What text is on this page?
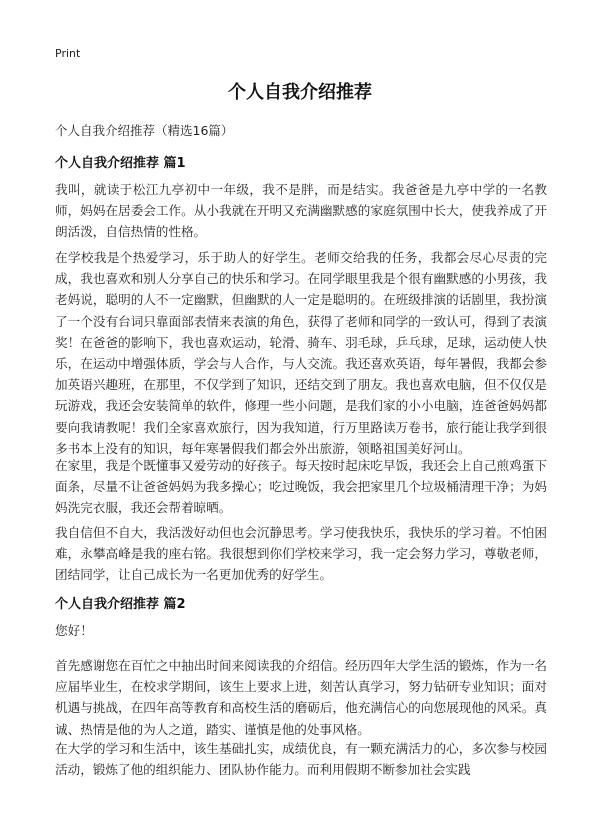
Print
个人自我介绍推荐
个人自我介绍推荐（精选16篇）
个人自我介绍推荐 篇1

我叫，就读于松江九亭初中一年级，我不是胖，而是结实。我爸爸是九亭中学的一名教师，妈妈在居委会工作。从小我就在开明又充满幽默感的家庭氛围中长大，使我养成了开朗活泼，自信热情的性格。

在学校我是个热爱学习，乐于助人的好学生。老师交给我的任务，我都会尽心尽责的完成，我也喜欢和别人分享自己的快乐和学习。在同学眼里我是个很有幽默感的小男孩，我老妈说，聪明的人不一定幽默，但幽默的人一定是聪明的。在班级排演的话剧里，我扮演了一个没有台词只靠面部表情来表演的角色，获得了老师和同学的一致认可，得到了表演奖！在爸爸的影响下，我也喜欢运动，轮滑、骑车、羽毛球，乒乓球，足球，运动使人快乐，在运动中增强体质，学会与人合作，与人交流。我还喜欢英语，每年暑假，我都会参加英语兴趣班，在那里，不仅学到了知识，还结交到了朋友。我也喜欢电脑，但不仅仅是玩游戏，我还会安装简单的软件，修理一些小问题，是我们家的小小电脑，连爸爸妈妈都要向我请教呢！我们全家喜欢旅行，因为我知道，行万里路读万卷书，旅行能让我学到很多书本上没有的知识，每年寒暑假我们都会外出旅游，领略祖国美好河山。

在家里，我是个既懂事又爱劳动的好孩子。每天按时起床吃早饭，我还会上自己煎鸡蛋下面条，尽量不让爸爸妈妈为我多操心；吃过晚饭，我会把家里几个垃圾桶清理干净；为妈妈洗完衣服，我还会帮着晾晒。

我自信但不自大，我活泼好动但也会沉静思考。学习使我快乐，我快乐的学习着。不怕困难，永攀高峰是我的座右铭。我很想到你们学校来学习，我一定会努力学习，尊敬老师，团结同学，让自己成长为一名更加优秀的好学生。

个人自我介绍推荐 篇2

您好！

首先感谢您在百忙之中抽出时间来阅读我的介绍信。经历四年大学生活的锻炼，作为一名应届毕业生，在校求学期间，该生上要求上进，刻苦认真学习，努力钻研专业知识；面对机遇与挑战，在四年高等教育和高校生活的磨砺后，他充满信心的向您展现他的风采。真诚、热情是他的为人之道，踏实、谨慎是他的处事风格。

在大学的学习和生活中，该生基础扎实，成绩优良，有一颗充满活力的心，多次参与校园活动，锻炼了他的组织能力、团队协作能力。而利用假期不断参加社会实践
